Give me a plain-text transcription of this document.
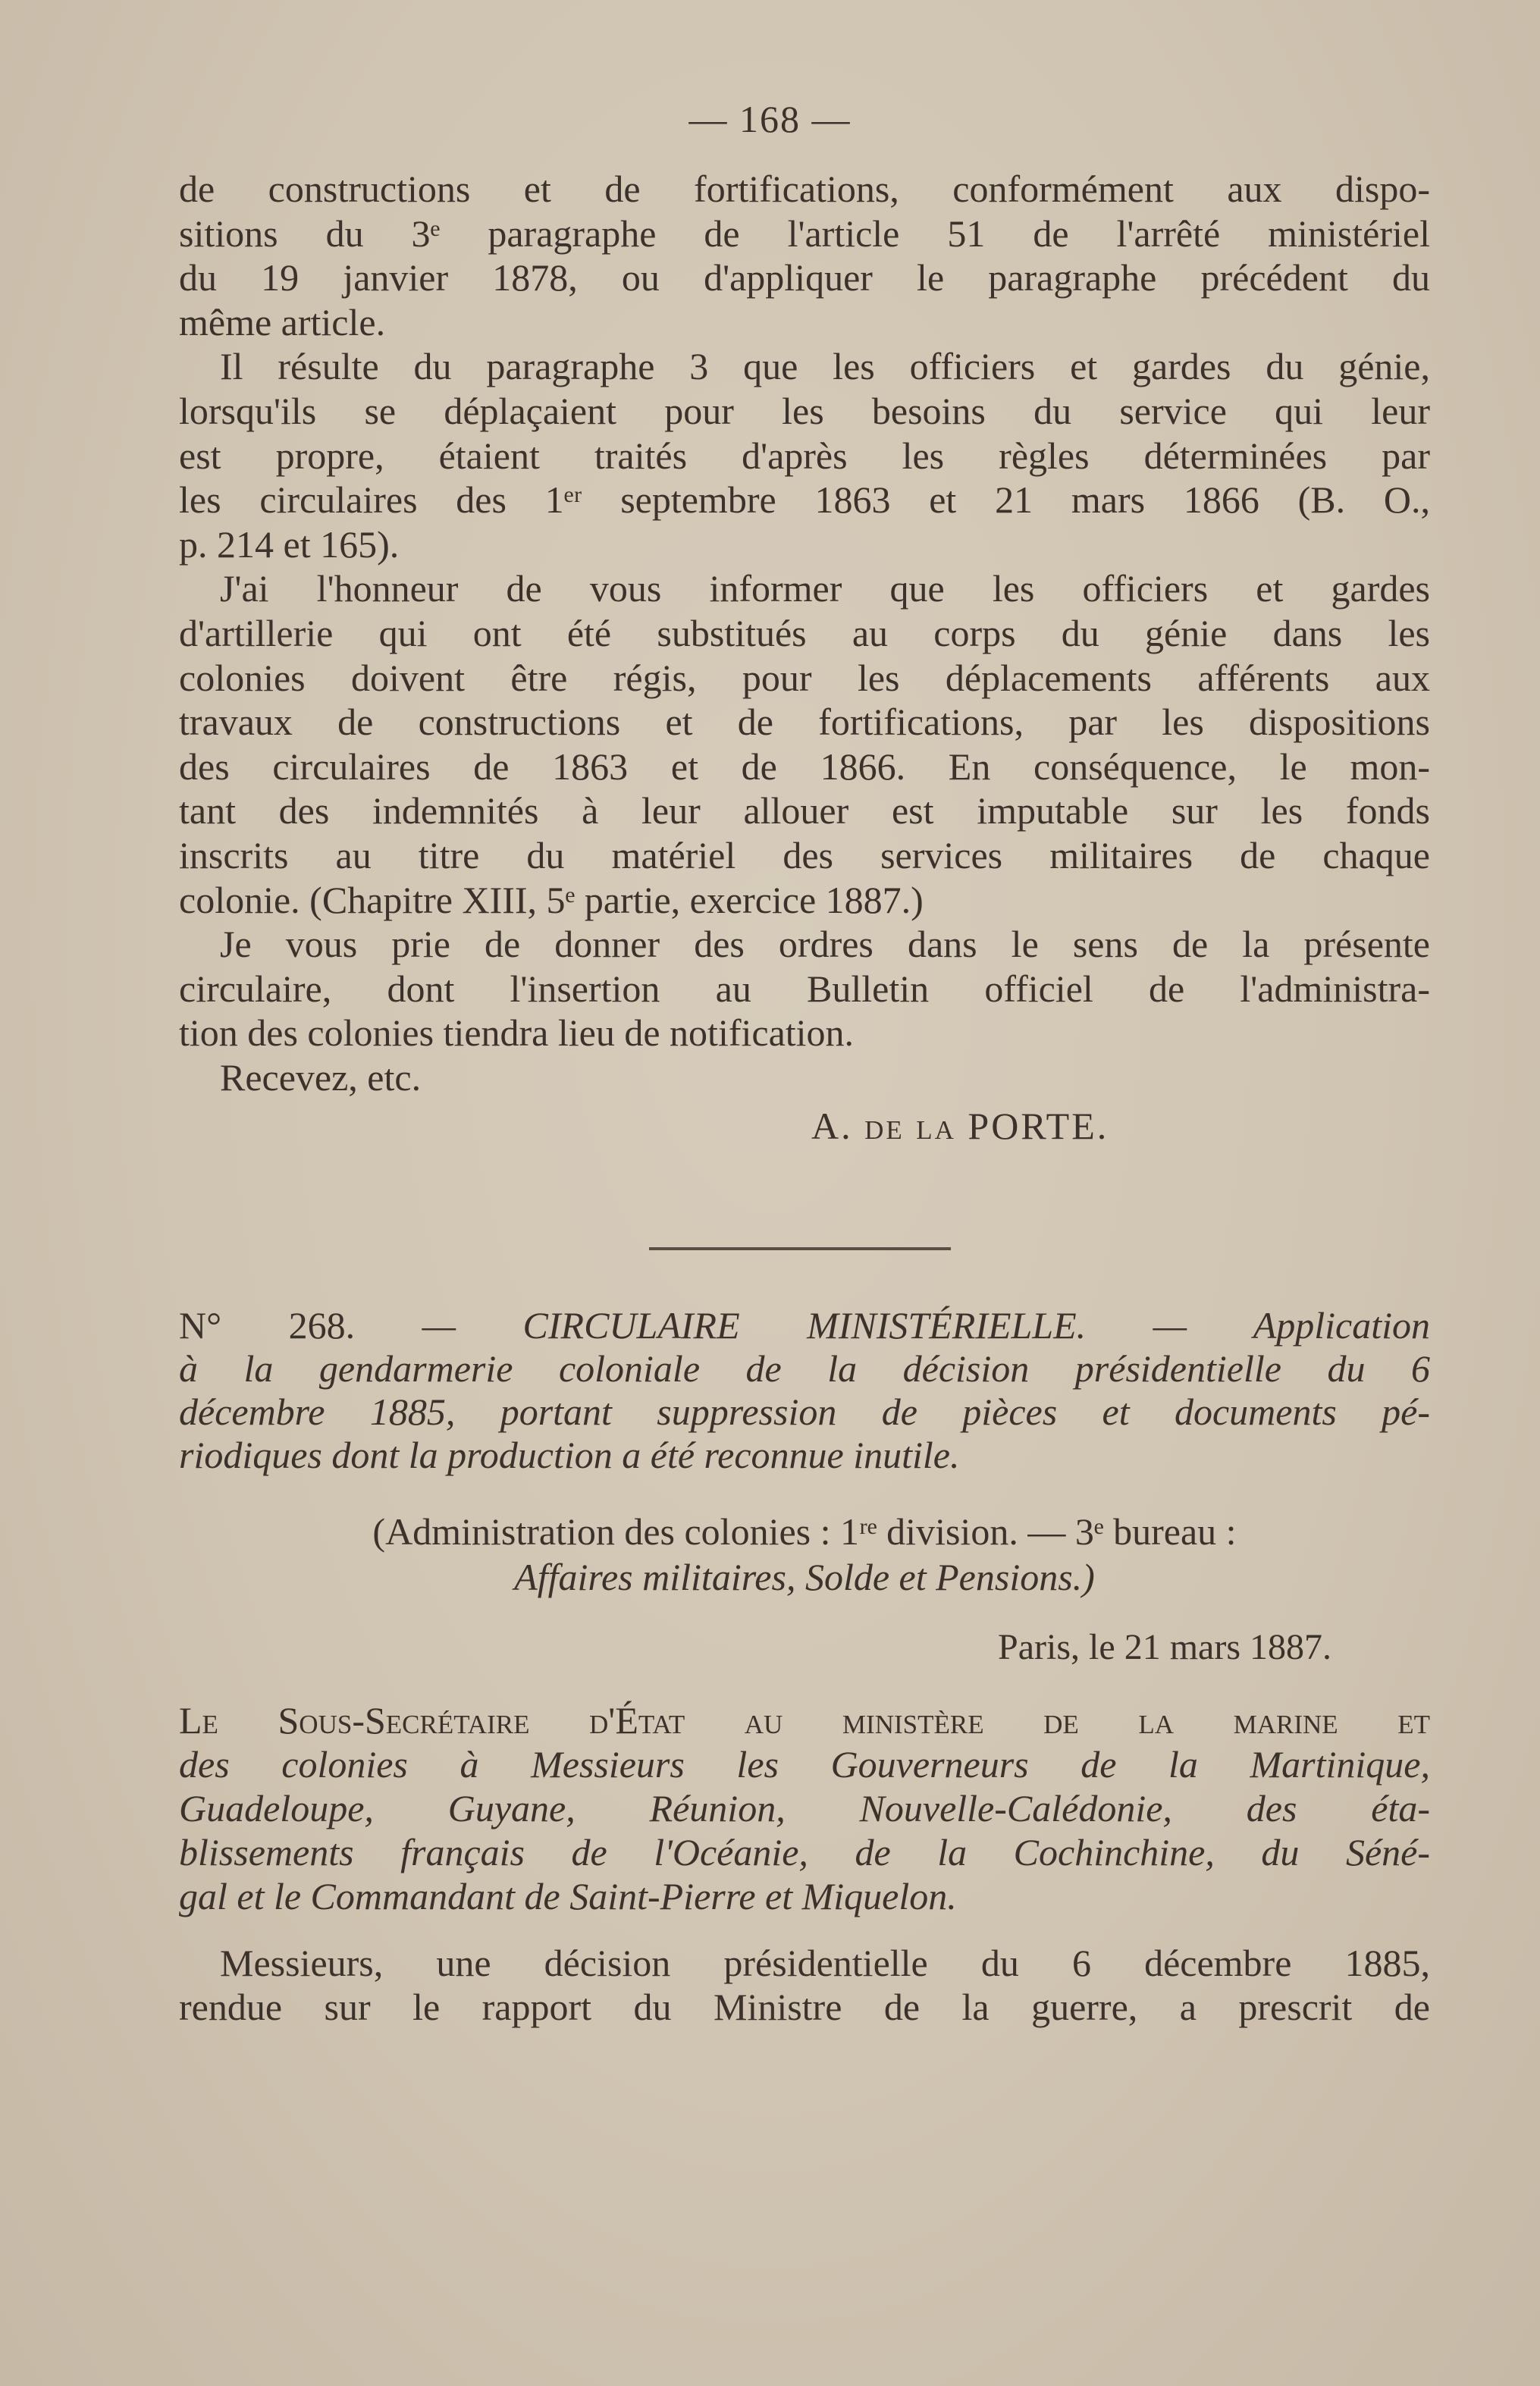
— 168 —
de constructions et de fortifications, conformément aux dispo-
sitions du 3ᵉ paragraphe de l'article 51 de l'arrêté ministériel
du 19 janvier 1878, ou d'appliquer le paragraphe précédent du
même article.
Il résulte du paragraphe 3 que les officiers et gardes du génie,
lorsqu'ils se déplaçaient pour les besoins du service qui leur
est propre, étaient traités d'après les règles déterminées par
les circulaires des 1ᵉʳ septembre 1863 et 21 mars 1866 (B. O.,
p. 214 et 165).
J'ai l'honneur de vous informer que les officiers et gardes
d'artillerie qui ont été substitués au corps du génie dans les
colonies doivent être régis, pour les déplacements afférents aux
travaux de constructions et de fortifications, par les dispositions
des circulaires de 1863 et de 1866. En conséquence, le mon-
tant des indemnités à leur allouer est imputable sur les fonds
inscrits au titre du matériel des services militaires de chaque
colonie. (Chapitre XIII, 5ᵉ partie, exercice 1887.)
Je vous prie de donner des ordres dans le sens de la présente
circulaire, dont l'insertion au Bulletin officiel de l'administra-
tion des colonies tiendra lieu de notification.
Recevez, etc.
A. de la PORTE.
N° 268. — CIRCULAIRE MINISTÉRIELLE. — Application
à la gendarmerie coloniale de la décision présidentielle du 6
décembre 1885, portant suppression de pièces et documents pé-
riodiques dont la production a été reconnue inutile.
(Administration des colonies : 1ʳᵉ division. — 3ᵉ bureau :
Affaires militaires, Solde et Pensions.)
Paris, le 21 mars 1887.
Le Sous-Secrétaire d'État au ministère de la marine et
des colonies à Messieurs les Gouverneurs de la Martinique,
Guadeloupe, Guyane, Réunion, Nouvelle-Calédonie, des éta-
blissements français de l'Océanie, de la Cochinchine, du Séné-
gal et le Commandant de Saint-Pierre et Miquelon.
Messieurs, une décision présidentielle du 6 décembre 1885,
rendue sur le rapport du Ministre de la guerre, a prescrit de
